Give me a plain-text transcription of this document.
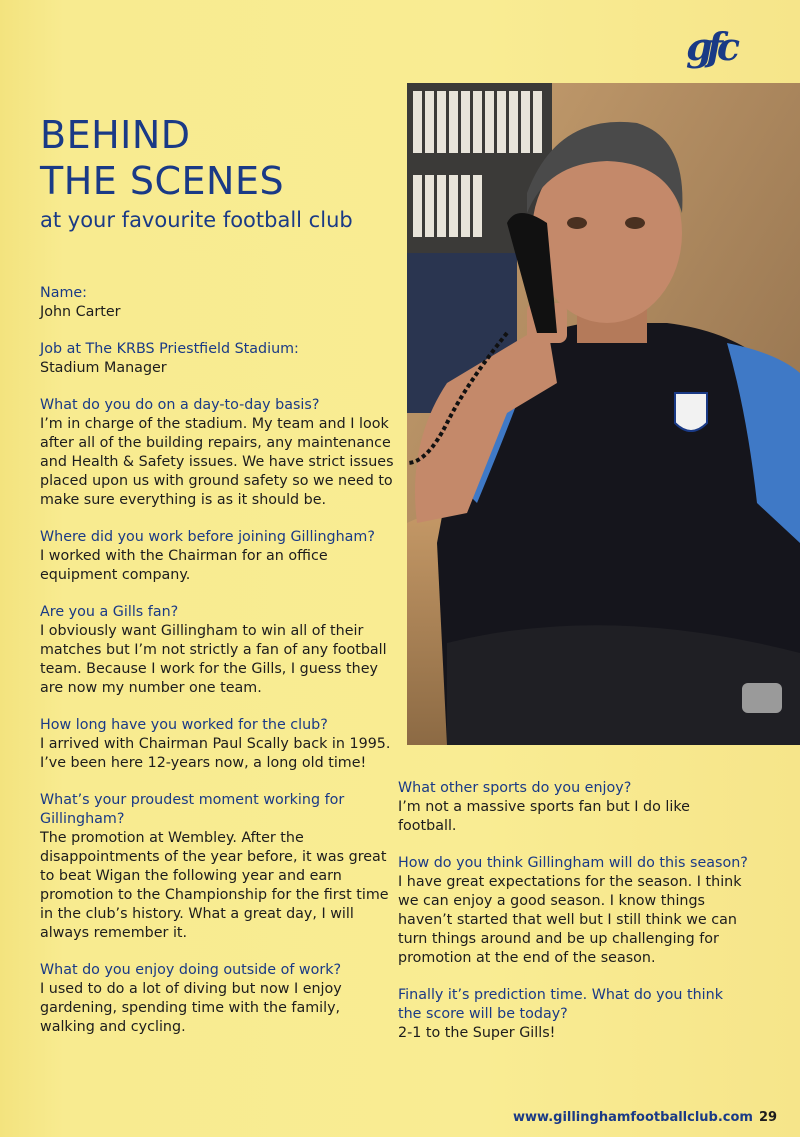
gfc
BEHIND
THE SCENES
at your favourite football club

Name:
John Carter

Job at The KRBS Priestfield Stadium:
Stadium Manager

What do you do on a day-to-day basis?
I’m in charge of the stadium. My team and I look after all of the building repairs, any maintenance and Health & Safety issues. We have strict issues placed upon us with ground safety so we need to make sure everything is as it should be.

Where did you work before joining Gillingham?
I worked with the Chairman for an office equipment company.

Are you a Gills fan?
I obviously want Gillingham to win all of their matches but I’m not strictly a fan of any football team. Because I work for the Gills, I guess they are now my number one team.

How long have you worked for the club?
I arrived with Chairman Paul Scally back in 1995. I’ve been here 12-years now, a long old time!

What’s your proudest moment working for Gillingham?
The promotion at Wembley. After the disappointments of the year before, it was great to beat Wigan the following year and earn promotion to the Championship for the first time in the club’s history. What a great day, I will always remember it.

What do you enjoy doing outside of work?
I used to do a lot of diving but now I enjoy gardening, spending time with the family, walking and cycling.

What other sports do you enjoy?
I’m not a massive sports fan but I do like football.

How do you think Gillingham will do this season?
I have great expectations for the season. I think we can enjoy a good season. I know things haven’t started that well but I still think we can turn things around and be up challenging for promotion at the end of the season.

Finally it’s prediction time. What do you think the score will be today?
2-1 to the Super Gills!

www.gillinghamfootballclub.com 29
